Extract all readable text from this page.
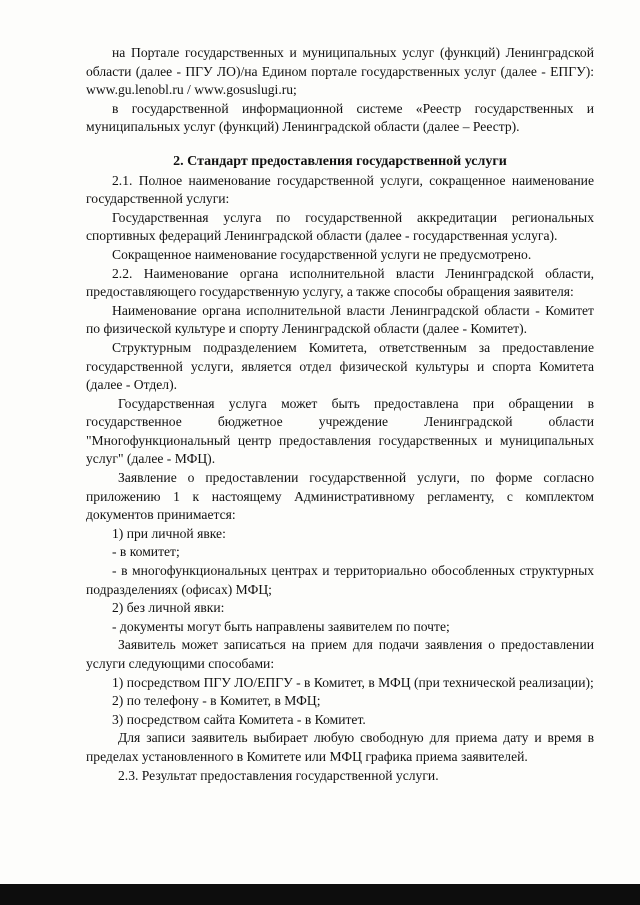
на Портале государственных и муниципальных услуг (функций) Ленинградской области (далее - ПГУ ЛО)/на Едином портале государственных услуг (далее - ЕПГУ): www.gu.lenobl.ru / www.gosuslugi.ru;

в государственной информационной системе «Реестр государственных и муниципальных услуг (функций) Ленинградской области (далее – Реестр).

2. Стандарт предоставления государственной услуги

2.1. Полное наименование государственной услуги, сокращенное наименование государственной услуги:

Государственная услуга по государственной аккредитации региональных спортивных федераций Ленинградской области (далее - государственная услуга).

Сокращенное наименование государственной услуги не предусмотрено.

2.2. Наименование органа исполнительной власти Ленинградской области, предоставляющего государственную услугу, а также способы обращения заявителя:

Наименование органа исполнительной власти Ленинградской области - Комитет по физической культуре и спорту Ленинградской области (далее - Комитет).

Структурным подразделением Комитета, ответственным за предоставление государственной услуги, является отдел физической культуры и спорта Комитета (далее - Отдел).

Государственная услуга может быть предоставлена при обращении в государственное бюджетное учреждение Ленинградской области "Многофункциональный центр предоставления государственных и муниципальных услуг" (далее - МФЦ).

Заявление о предоставлении государственной услуги, по форме согласно приложению 1 к настоящему Административному регламенту, с комплектом документов принимается:

1) при личной явке:

- в комитет;

- в многофункциональных центрах и территориально обособленных структурных подразделениях (офисах) МФЦ;

2) без личной явки:

- документы могут быть направлены заявителем по почте;

Заявитель может записаться на прием для подачи заявления о предоставлении услуги следующими способами:

1) посредством ПГУ ЛО/ЕПГУ - в Комитет, в МФЦ (при технической реализации);

2) по телефону - в Комитет, в МФЦ;

3) посредством сайта Комитета - в Комитет.

Для записи заявитель выбирает любую свободную для приема дату и время в пределах установленного в Комитете или МФЦ графика приема заявителей.

2.3. Результат предоставления государственной услуги.
